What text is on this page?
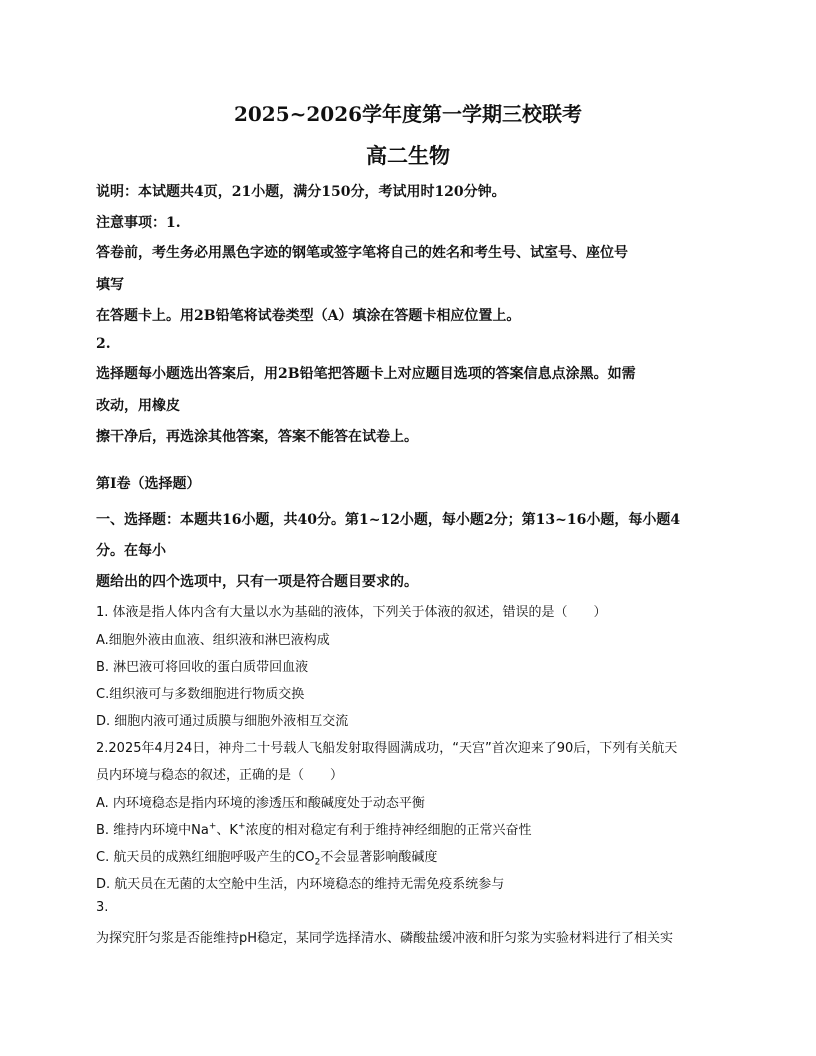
2025~2026学年度第一学期三校联考
高二生物
说明：本试题共4页，21小题，满分150分，考试用时120分钟。
注意事项：1.
答卷前，考生务必用黑色字迹的钢笔或签字笔将自己的姓名和考生号、试室号、座位号
填写
在答题卡上。用2B铅笔将试卷类型（A）填涂在答题卡相应位置上。
2.
选择题每小题选出答案后，用2B铅笔把答题卡上对应题目选项的答案信息点涂黑。如需
改动，用橡皮
擦干净后，再选涂其他答案，答案不能答在试卷上。
第Ⅰ卷（选择题）
一、选择题：本题共16小题，共40分。第1~12小题，每小题2分；第13~16小题，每小题4
分。在每小
题给出的四个选项中，只有一项是符合题目要求的。
1. 体液是指人体内含有大量以水为基础的液体，下列关于体液的叙述，错误的是（　　）
A.细胞外液由血液、组织液和淋巴液构成
B. 淋巴液可将回收的蛋白质带回血液
C.组织液可与多数细胞进行物质交换
D. 细胞内液可通过质膜与细胞外液相互交流
2.2025年4月24日，神舟二十号载人飞船发射取得圆满成功，“天宫”首次迎来了90后，下列有关航天
员内环境与稳态的叙述，正确的是（　　）
A. 内环境稳态是指内环境的渗透压和酸碱度处于动态平衡
B. 维持内环境中Na+、K+浓度的相对稳定有利于维持神经细胞的正常兴奋性
C. 航天员的成熟红细胞呼吸产生的$CO_2$不会显著影响酸碱度
D. 航天员在无菌的太空舱中生活，内环境稳态的维持无需免疫系统参与
3.
为探究肝匀浆是否能维持pH稳定，某同学选择清水、磷酸盐缓冲液和肝匀浆为实验材料进行了相关实
